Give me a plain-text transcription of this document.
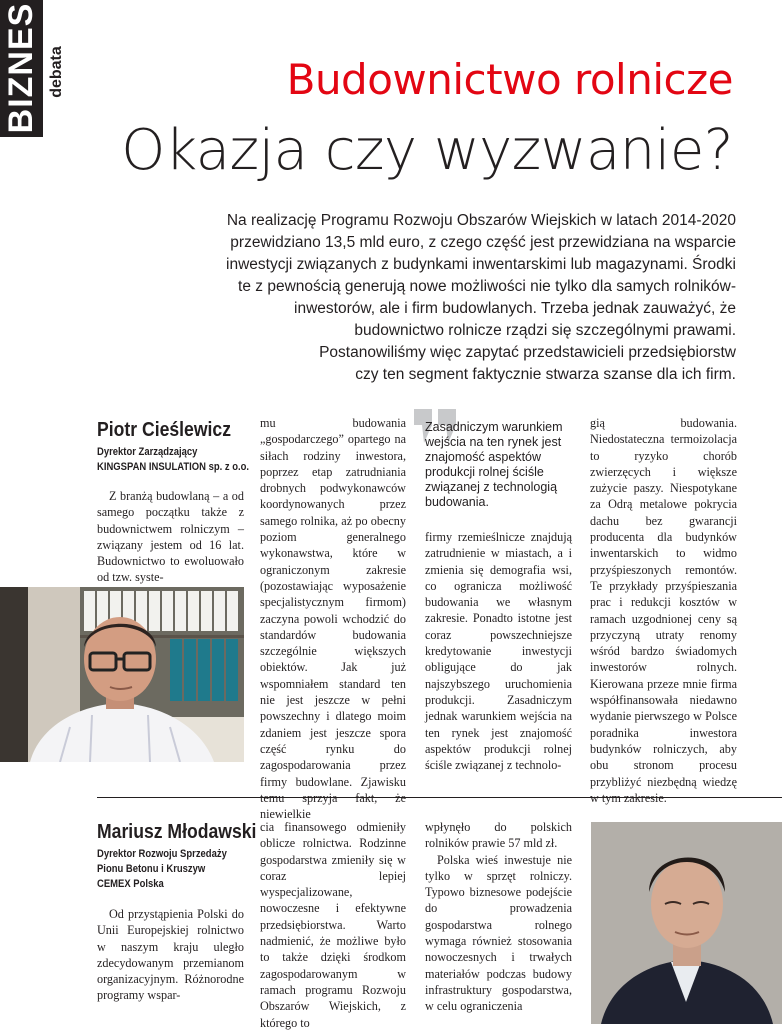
BIZNES debata	Budownictwo rolnicze
Okazja czy wyzwanie?
Na realizację Programu Rozwoju Obszarów Wiejskich w latach 2014-2020
przewidziano 13,5 mld euro, z czego część jest przewidziana na wsparcie
inwestycji związanych z budynkami inwentarskimi lub magazynami. Środki
te z pewnością generują nowe możliwości nie tylko dla samych rolników-
inwestorów, ale i firm budowlanych. Trzeba jednak zauważyć, że
budownictwo rolnicze rządzi się szczególnymi prawami.
Postanowiliśmy więc zapytać przedstawicieli przedsiębiorstw
czy ten segment faktycznie stwarza szanse dla ich firm.
Piotr Cieślewicz
Dyrektor Zarządzający
KINGSPAN INSULATION sp. z o.o.

Z branżą budowlaną – a od samego początku także z budownictwem rolniczym – związany jestem od 16 lat. Budownictwo to ewoluowało od tzw. syste-

mu budowania „gospodarczego” opartego na siłach rodziny inwestora, poprzez etap zatrudniania drobnych podwykonawców koordynowanych przez samego rolnika, aż po obecny poziom generalnego wykonawstwa, które w ograniczonym zakresie (pozostawiając wyposażenie specjalistycznym firmom) zaczyna powoli wchodzić do standardów budowania szczególnie większych obiektów. Jak już wspomniałem standard ten nie jest jeszcze w pełni powszechny i dlatego moim zdaniem jest jeszcze spora część rynku do zagospodarowania przez firmy budowlane. Zjawisku temu sprzyja fakt, że niewielkie

Zasadniczym warunkiem wejścia na ten rynek jest znajomość aspektów produkcji rolnej ściśle związanej z technologią budowania.

firmy rzemieślnicze znajdują zatrudnienie w miastach, a i zmienia się demografia wsi, co ogranicza możliwość budowania we własnym zakresie. Ponadto istotne jest coraz powszechniejsze kredytowanie inwestycji obligujące do jak najszybszego uruchomienia produkcji. Zasadniczym jednak warunkiem wejścia na ten rynek jest znajomość aspektów produkcji rolnej ściśle związanej z technolo-

gią budowania. Niedostateczna termoizolacja to ryzyko chorób zwierzęcych i większe zużycie paszy. Niespotykane za Odrą metalowe pokrycia dachu bez gwarancji producenta dla budynków inwentarskich to widmo przyśpieszonych remontów. Te przykłady przyśpieszania prac i redukcji kosztów w ramach uzgodnionej ceny są przyczyną utraty renomy wśród bardzo świadomych inwestorów rolnych. Kierowana przeze mnie firma współfinansowała niedawno wydanie pierwszego w Polsce poradnika inwestora budynków rolniczych, aby obu stronom procesu przybliżyć niezbędną wiedzę w tym zakresie.

Mariusz Młodawski
Dyrektor Rozwoju Sprzedaży
Pionu Betonu i Kruszyw
CEMEX Polska

Od przystąpienia Polski do Unii Europejskiej rolnictwo w naszym kraju uległo zdecydowanym przemianom organizacyjnym. Różnorodne programy wspar-

cia finansowego odmieniły oblicze rolnictwa. Rodzinne gospodarstwa zmieniły się w coraz lepiej wyspecjalizowane, nowoczesne i efektywne przedsiębiorstwa. Warto nadmienić, że możliwe było to także dzięki środkom zagospodarowanym w ramach programu Rozwoju Obszarów Wiejskich, z którego to

wpłynęło do polskich rolników prawie 57 mld zł.

Polska wieś inwestuje nie tylko w sprzęt rolniczy. Typowo biznesowe podejście do prowadzenia gospodarstwa rolnego wymaga również stosowania nowoczesnych i trwałych materiałów podczas budowy infrastruktury gospodarstwa, w celu ograniczenia
